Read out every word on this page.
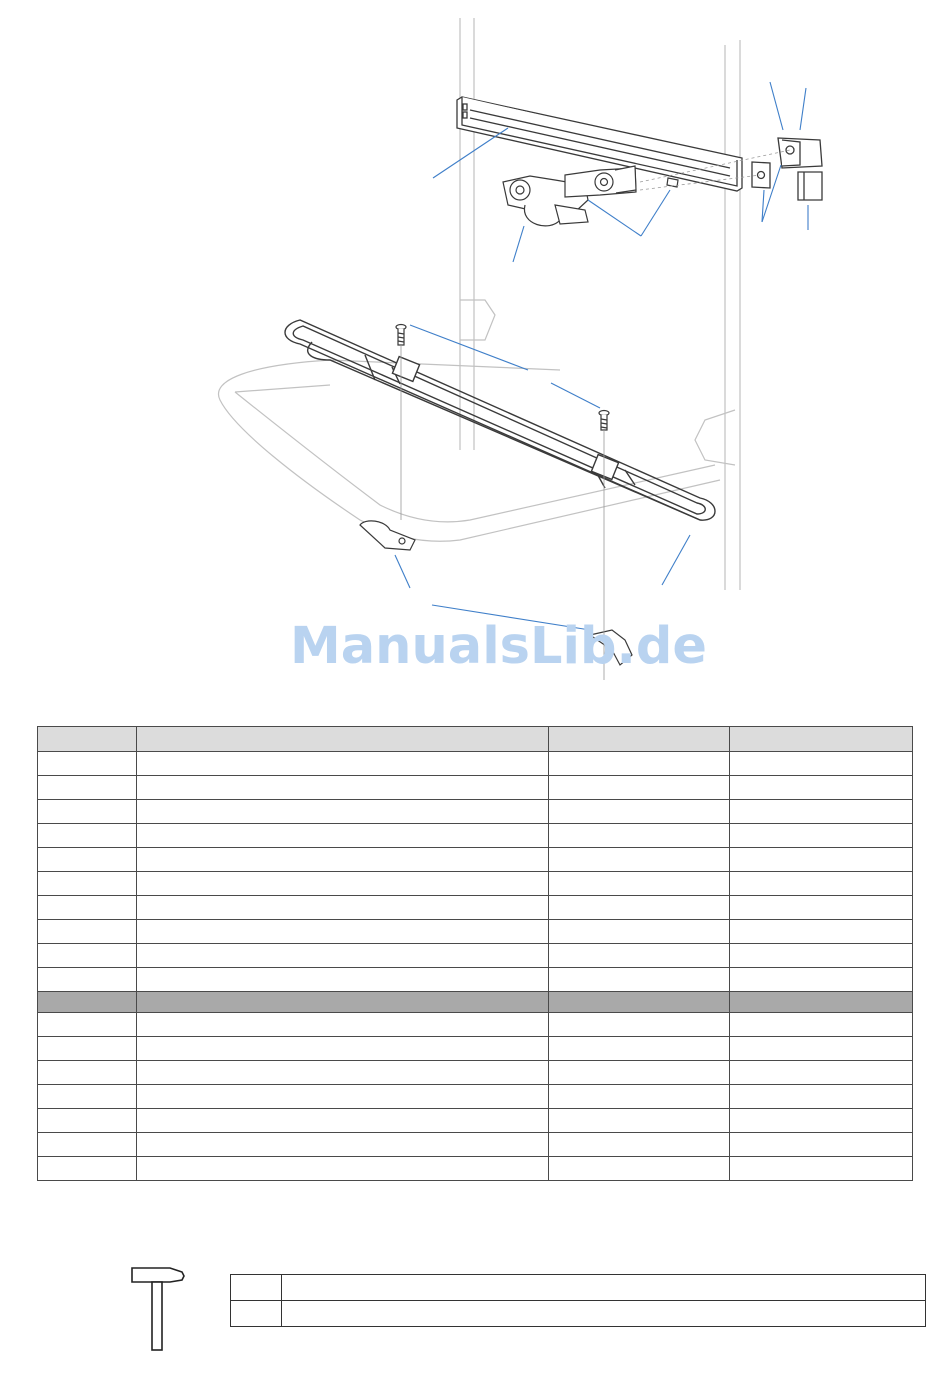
ManualsLib.de
